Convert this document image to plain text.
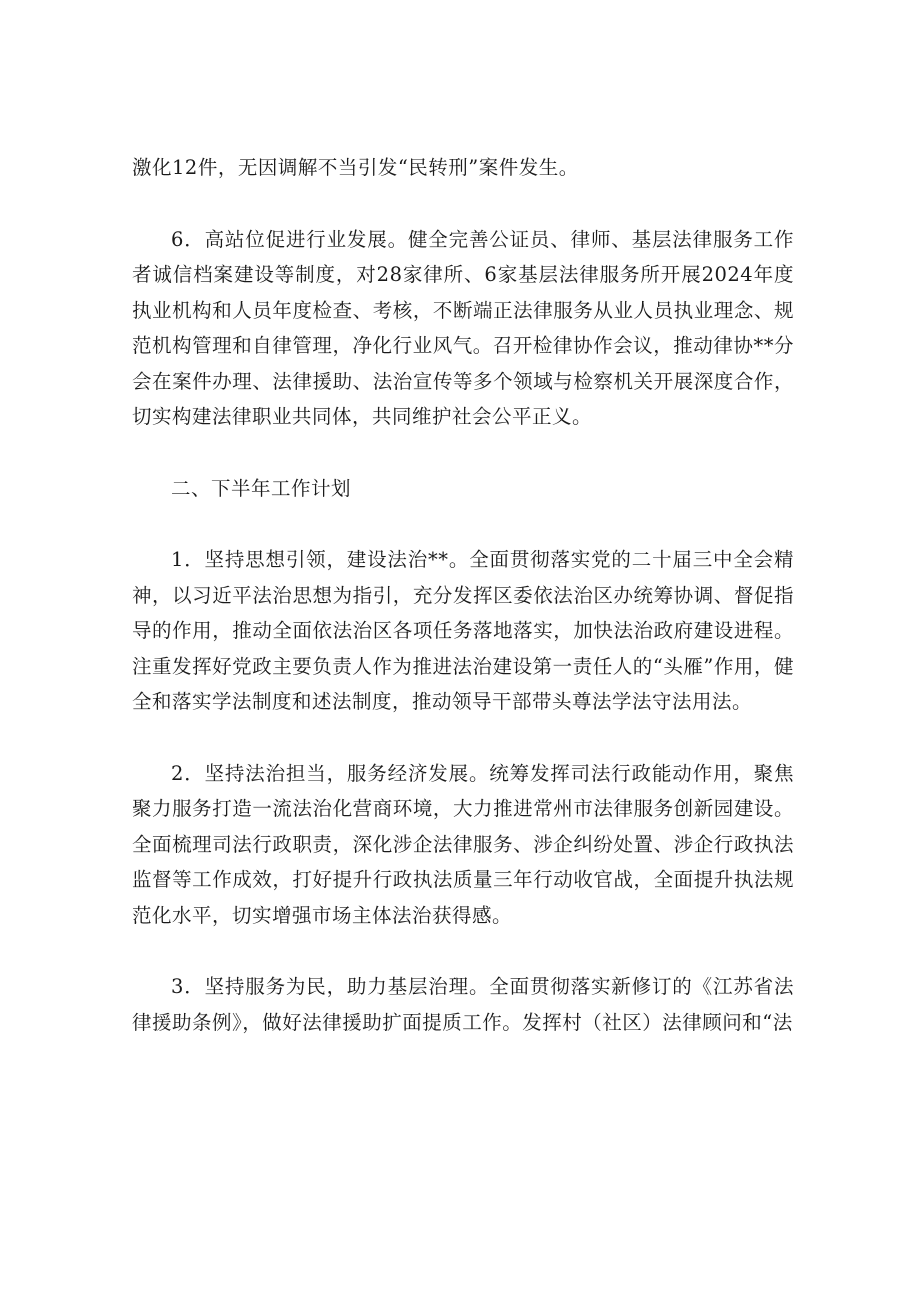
激化12件，无因调解不当引发“民转刑”案件发生。

6．高站位促进行业发展。健全完善公证员、律师、基层法律服务工作者诚信档案建设等制度，对28家律所、6家基层法律服务所开展2024年度执业机构和人员年度检查、考核，不断端正法律服务从业人员执业理念、规范机构管理和自律管理，净化行业风气。召开检律协作会议，推动律协**分会在案件办理、法律援助、法治宣传等多个领域与检察机关开展深度合作，切实构建法律职业共同体，共同维护社会公平正义。

二、下半年工作计划

1．坚持思想引领，建设法治**。全面贯彻落实党的二十届三中全会精神，以习近平法治思想为指引，充分发挥区委依法治区办统筹协调、督促指导的作用，推动全面依法治区各项任务落地落实，加快法治政府建设进程。注重发挥好党政主要负责人作为推进法治建设第一责任人的“头雁”作用，健全和落实学法制度和述法制度，推动领导干部带头尊法学法守法用法。

2．坚持法治担当，服务经济发展。统筹发挥司法行政能动作用，聚焦聚力服务打造一流法治化营商环境，大力推进常州市法律服务创新园建设。全面梳理司法行政职责，深化涉企法律服务、涉企纠纷处置、涉企行政执法监督等工作成效，打好提升行政执法质量三年行动收官战，全面提升执法规范化水平，切实增强市场主体法治获得感。

3．坚持服务为民，助力基层治理。全面贯彻落实新修订的《江苏省法律援助条例》，做好法律援助扩面提质工作。发挥村（社区）法律顾问和“法
